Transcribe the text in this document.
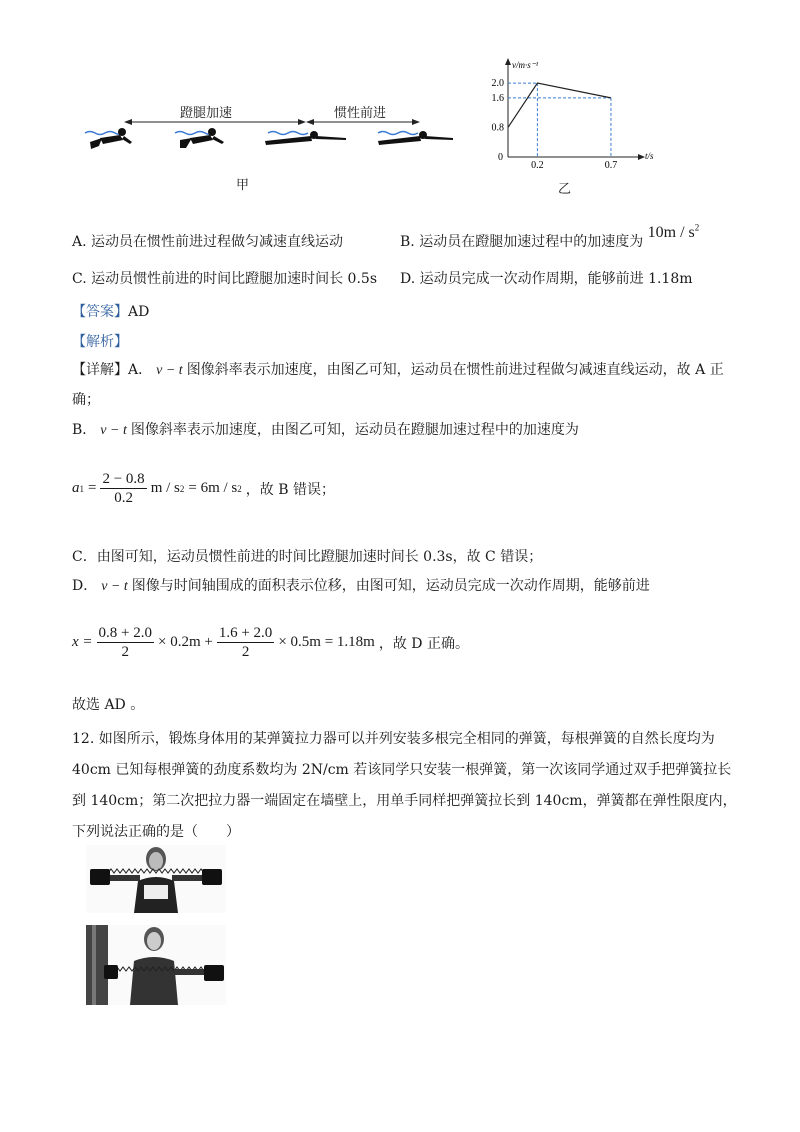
蹬腿加速	惯性前进
甲
v/m·s⁻¹
t/s
0
0.8
1.6
2.0
0.2	0.7
乙
A. 运动员在惯性前进过程做匀减速直线运动	B. 运动员在蹬腿加速过程中的加速度为 $10m / s^2$
C. 运动员惯性前进的时间比蹬腿加速时间长 0.5s D. 运动员完成一次动作周期，能够前进 1.18m
【答案】AD
【解析】
【详解】A． v − t 图像斜率表示加速度，由图乙可知，运动员在惯性前进过程做匀减速直线运动，故 A 正
确；
B． v − t 图像斜率表示加速度，由图乙可知，运动员在蹬腿加速过程中的加速度为
a $1 = \frac{2 - 0.8}{0.2}$ m / s 2 = 6m / s 2 ，故 B 错误；
C．由图可知，运动员惯性前进的时间比蹬腿加速时间长 0.3s，故 C 错误；
D． v − t 图像与时间轴围成的面积表示位移，由图可知，运动员完成一次动作周期，能够前进
$x = \frac{0.8 + 2.0}{2} \times 0.2m + \frac{1.6 + 2.0}{2} \times 0.5m = 1.18m$ ，故 D 正确。
故选 AD 。
12. 如图所示，锻炼身体用的某弹簧拉力器可以并列安装多根完全相同的弹簧，每根弹簧的自然长度均为
40cm 已知每根弹簧的劲度系数均为 2N/cm 若该同学只安装一根弹簧，第一次该同学通过双手把弹簧拉长
到 140cm；第二次把拉力器一端固定在墙壁上，用单手同样把弹簧拉长到 140cm，弹簧都在弹性限度内，
下列说法正确的是（　　）
